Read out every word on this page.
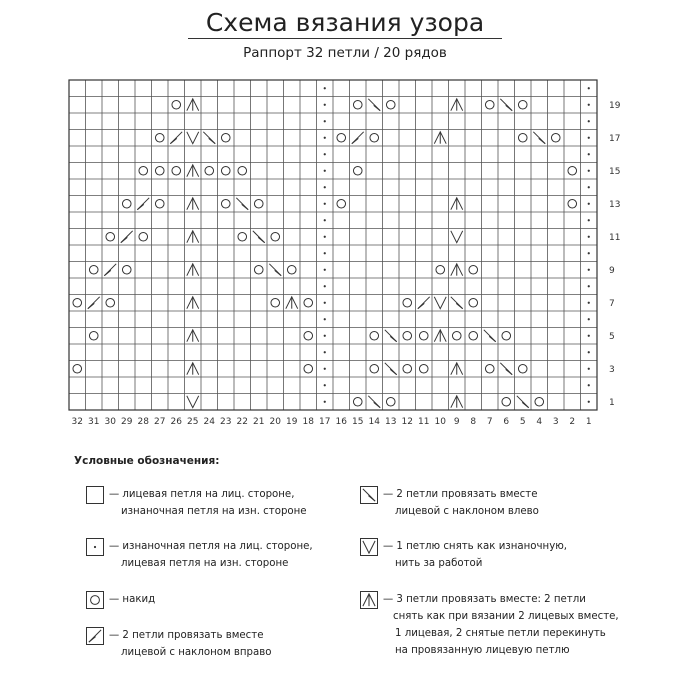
Схема вязания узора
Раппорт 32 петли / 20 рядов
32 31 30 29 28 27 26 25 24 23 22 21 20 19 18 17 16 15 14 13 12 11 10 9 8 7 6 5 4 3 2 1
19
17
15
13
11
9
7
5
3
1
Условные обозначения:
— лицевая петля на лиц. стороне,
изнаночная петля на изн. стороне
— изнаночная петля на лиц. стороне,
лицевая петля на изн. стороне
— накид
— 2 петли провязать вместе
лицевой с наклоном вправо
— 2 петли провязать вместе
лицевой с наклоном влево
— 1 петлю снять как изнаночную,
нить за работой
— 3 петли провязать вместе: 2 петли
снять как при вязании 2 лицевых вместе,
1 лицевая, 2 снятые петли перекинуть
на провязанную лицевую петлю
